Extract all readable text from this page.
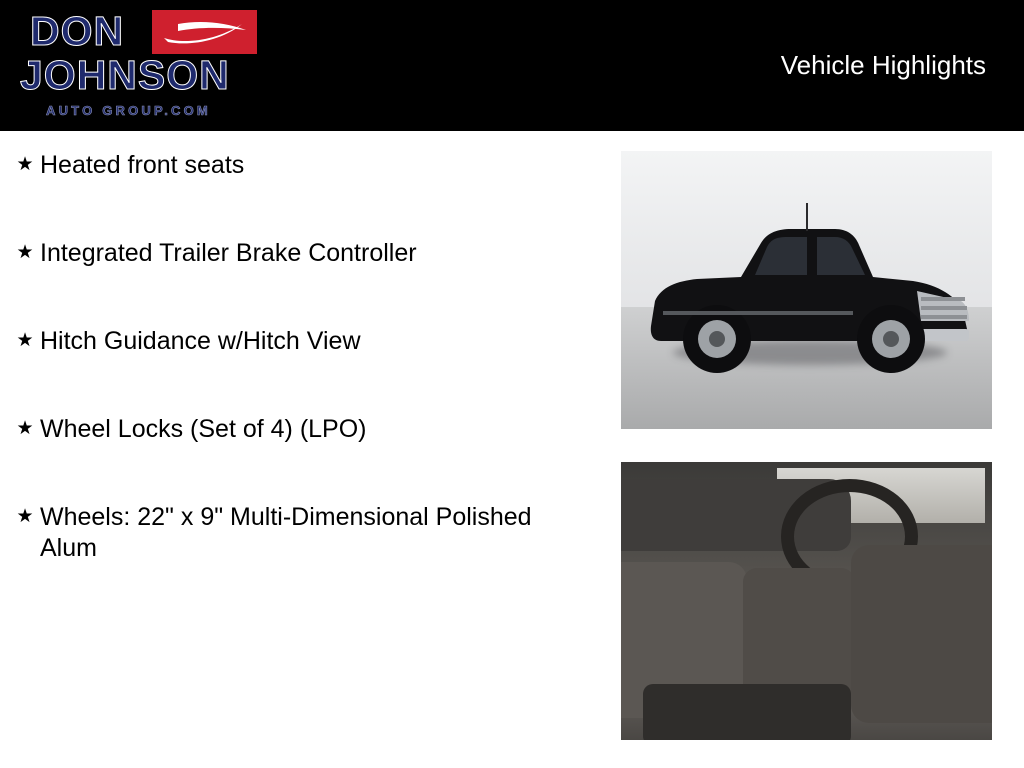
Vehicle Highlights
DON
JOHNSON
AUTO GROUP.COM
★ Heated front seats
★ Integrated Trailer Brake Controller
★ Hitch Guidance w/Hitch View
★ Wheel Locks (Set of 4) (LPO)
★ Wheels: 22" x 9" Multi-Dimensional Polished Alum
